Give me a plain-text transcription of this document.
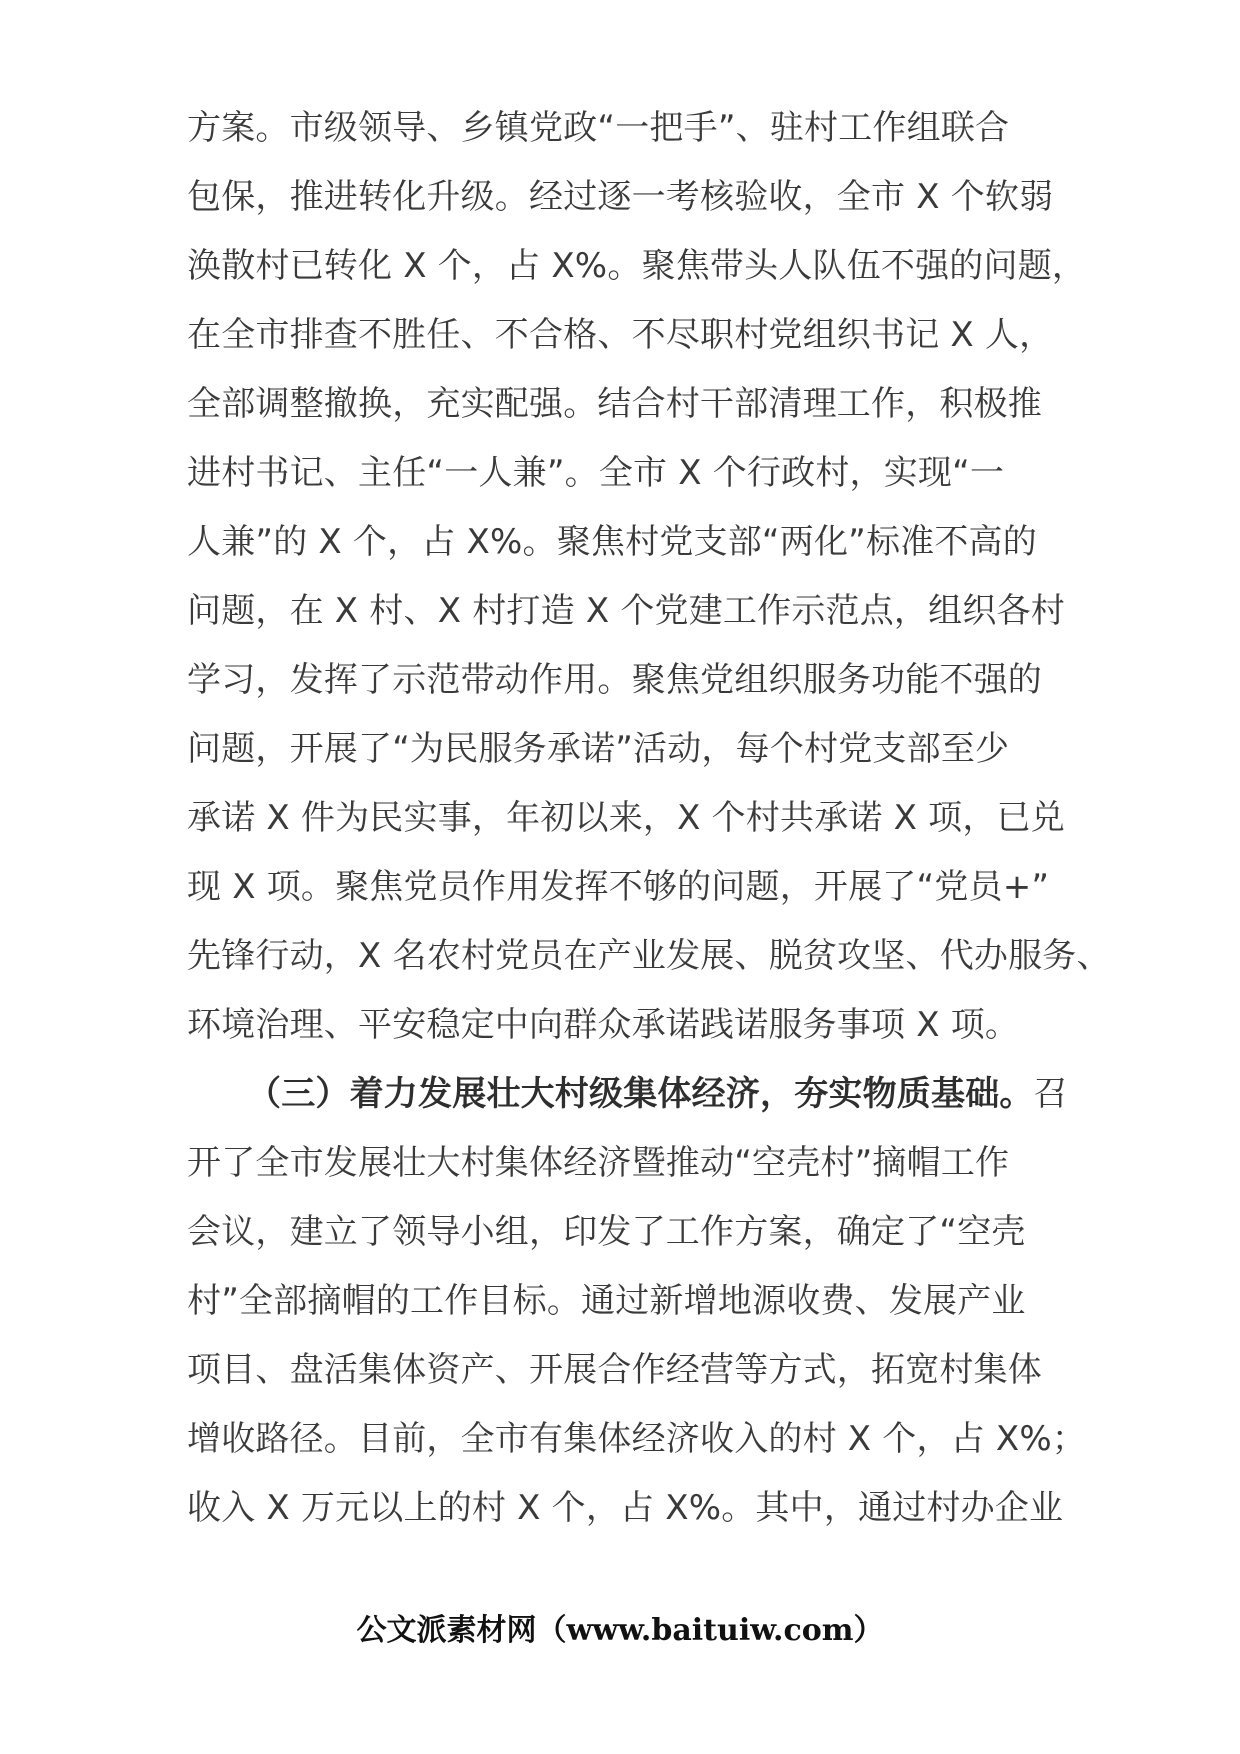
方案。市级领导、乡镇党政“一把手”、驻村工作组联合
包保，推进转化升级。经过逐一考核验收，全市 X 个软弱
涣散村已转化 X 个，占 X%。聚焦带头人队伍不强的问题，
在全市排查不胜任、不合格、不尽职村党组织书记 X 人，
全部调整撤换，充实配强。结合村干部清理工作，积极推
进村书记、主任“一人兼”。全市 X 个行政村，实现“一
人兼”的 X 个，占 X%。聚焦村党支部“两化”标准不高的
问题，在 X 村、X 村打造 X 个党建工作示范点，组织各村
学习，发挥了示范带动作用。聚焦党组织服务功能不强的
问题，开展了“为民服务承诺”活动，每个村党支部至少
承诺 X 件为民实事，年初以来，X 个村共承诺 X 项，已兑
现 X 项。聚焦党员作用发挥不够的问题，开展了“党员+”
先锋行动，X 名农村党员在产业发展、脱贫攻坚、代办服务、
环境治理、平安稳定中向群众承诺践诺服务事项 X 项。
（三）着力发展壮大村级集体经济，夯实物质基础。召
开了全市发展壮大村集体经济暨推动“空壳村”摘帽工作
会议，建立了领导小组，印发了工作方案，确定了“空壳
村”全部摘帽的工作目标。通过新增地源收费、发展产业
项目、盘活集体资产、开展合作经营等方式，拓宽村集体
增收路径。目前，全市有集体经济收入的村 X 个，占 X%；
收入 X 万元以上的村 X 个，占 X%。其中，通过村办企业
公文派素材网（www.baituiw.com）
